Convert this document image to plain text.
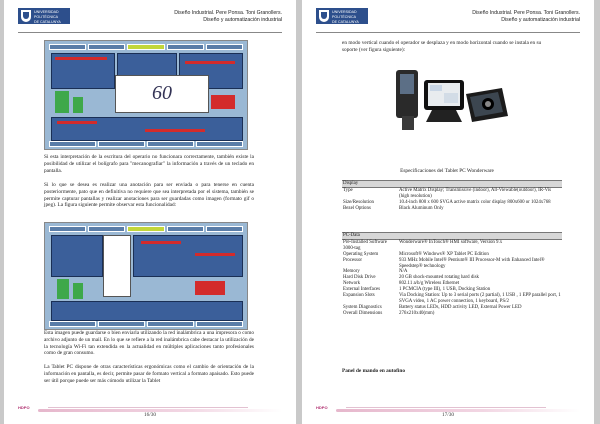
UNIVERSIDAD POLITÉCNICA
DE CATALUNYA
Diseño Industrial. Pere Ponsa. Toni Granollers.
Diseño y automatización industrial
60

Si esta interpretación de la escritura del operario no funcionara correctamente, también existe la posibilidad de utilizar el bolígrafo para "mecanografiar" la información a través de un teclado en pantalla.

Si lo que se desea es realizar una anotación para ser enviada o para tenerse en cuenta posteriormente, pato que en definitiva no requiere que sea interpretada por el sistema, también se permite capturar pantallas y realizar anotaciones para ser guardadas como imagen (formato gif o jpeg). La figura siguiente permite observar esta funcionalidad:

Esta imagen puede guardarse o bien enviarla utilizando la red inalámbrica a una impresora o como archivo adjunto de un mail. En lo que se refiere a la red inalámbrica cabe destacar la utilización de la tecnología Wi-Fi tan extendida en la actualidad en múltiples aplicaciones tanto profesionales como de gran consumo.

La Tablet PC dispone de otras características ergonómicas como el cambio de orientación de la información en pantalla, es decir, permite pasar de formato vertical a formato apaisado. Esto puede ser útil porque puede ser más cómodo utilizar la Tablet

HDPO
16/30
UNIVERSIDAD POLITÉCNICA
DE CATALUNYA
Diseño Industrial. Pere Ponsa. Toni Granollers.
Diseño y automatización industrial

en modo vertical cuando el operador se desplaza y en modo horizontal cuando se instala en su soporte (ver figura siguiente):

Especificaciones del Tablet PC Wonderware
Display	
Type	Active Matrix Display; Transmissive (indoor), All-Viewable(outdoor), IR-Vis (high resolution)
Size/Resolution	10.4-inch 800 x 600 SVGA active matrix color display 800x600 or 1024x768
Bezel Options	Black Aluminum Only
PC-Data	
Pre-Installed Software 3000-tag	Wonderware® InTouch® HMI software, Version 9.x
Operating System	Microsoft® Windows® XP Tablet PC Edition
Processor	933 MHz Mobile Intel® Pentium® III Processor-M with Enhanced Intel® Speedstep® technology
Memory	N/A
Hard Disk Drive	20 GB shock-mounted rotating hard disk
Network	802.11 a/b/g Wireless Ethernet
External Interfaces	1 PCMCIA (type III), 1 USB, Docking Station
Expansion Slots	Via Docking Station: Up to 3 serial ports (2 partial), 1 USB , 1 EPP parallel port, 1 SVGA video, 1 AC power connection, 1 keyboard, PS/2
System Diagnostics	Battery status LEDs, HDD activity LED, External Power LED
Overall Dimensions	276x210x40(mm)
Panel de mando en autofino
HDPO
17/30
